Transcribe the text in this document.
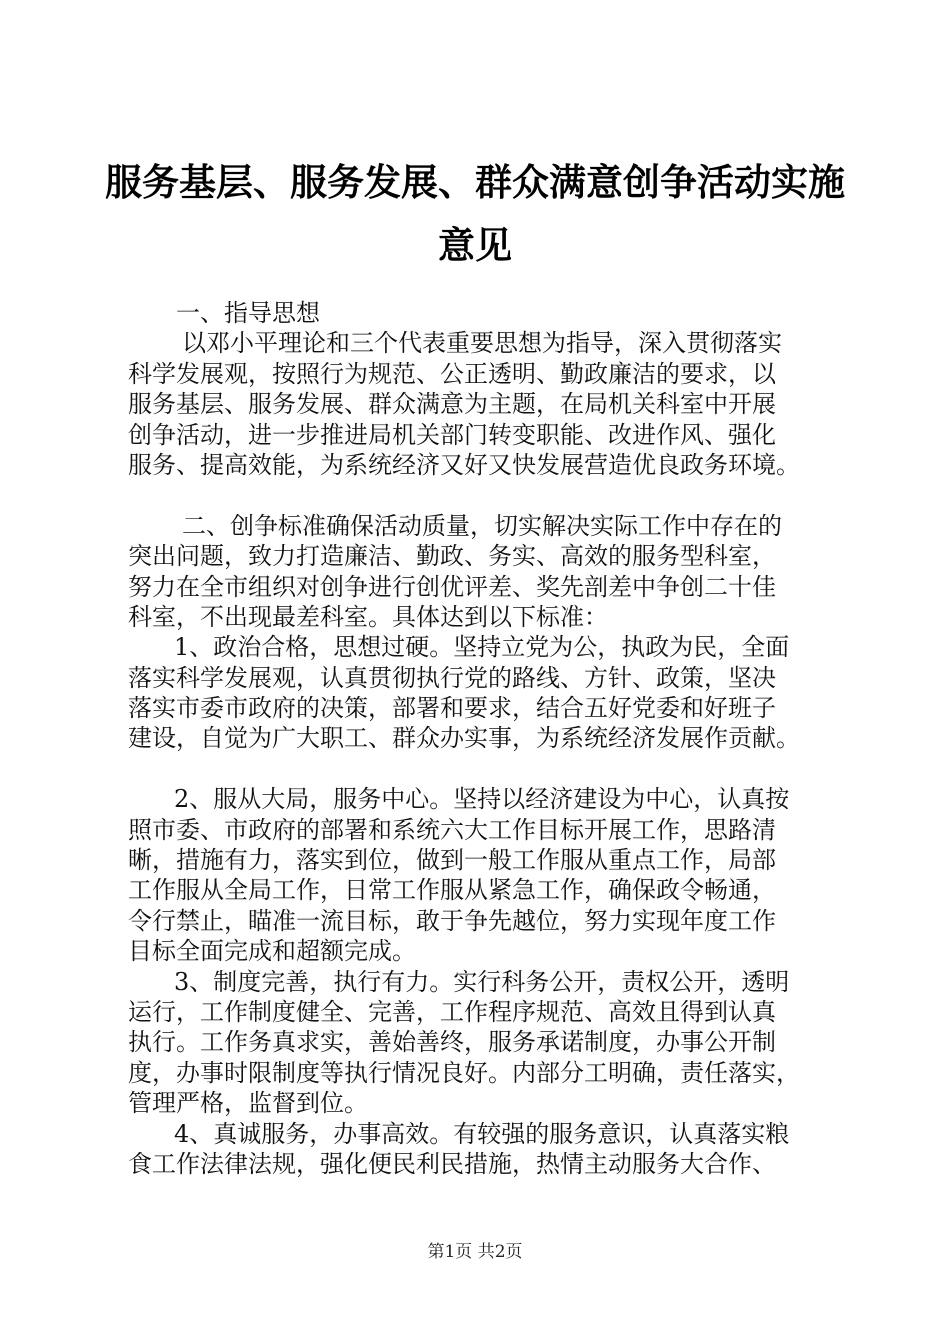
服务基层、服务发展、群众满意创争活动实施
意见
一、指导思想
以邓小平理论和三个代表重要思想为指导，深入贯彻落实
科学发展观，按照行为规范、公正透明、勤政廉洁的要求，以
服务基层、服务发展、群众满意为主题，在局机关科室中开展
创争活动，进一步推进局机关部门转变职能、改进作风、强化
服务、提高效能，为系统经济又好又快发展营造优良政务环境。
二、创争标准确保活动质量，切实解决实际工作中存在的
突出问题，致力打造廉洁、勤政、务实、高效的服务型科室，
努力在全市组织对创争进行创优评差、奖先剖差中争创二十佳
科室，不出现最差科室。具体达到以下标准：
1、政治合格，思想过硬。坚持立党为公，执政为民，全面
落实科学发展观，认真贯彻执行党的路线、方针、政策，坚决
落实市委市政府的决策，部署和要求，结合五好党委和好班子
建设，自觉为广大职工、群众办实事，为系统经济发展作贡献。
2、服从大局，服务中心。坚持以经济建设为中心，认真按
照市委、市政府的部署和系统六大工作目标开展工作，思路清
晰，措施有力，落实到位，做到一般工作服从重点工作，局部
工作服从全局工作，日常工作服从紧急工作，确保政令畅通，
令行禁止，瞄准一流目标，敢于争先越位，努力实现年度工作
目标全面完成和超额完成。
3、制度完善，执行有力。实行科务公开，责权公开，透明
运行，工作制度健全、完善，工作程序规范、高效且得到认真
执行。工作务真求实，善始善终，服务承诺制度，办事公开制
度，办事时限制度等执行情况良好。内部分工明确，责任落实，
管理严格，监督到位。
4、真诚服务，办事高效。有较强的服务意识，认真落实粮
食工作法律法规，强化便民利民措施，热情主动服务大合作、
第1页 共2页
